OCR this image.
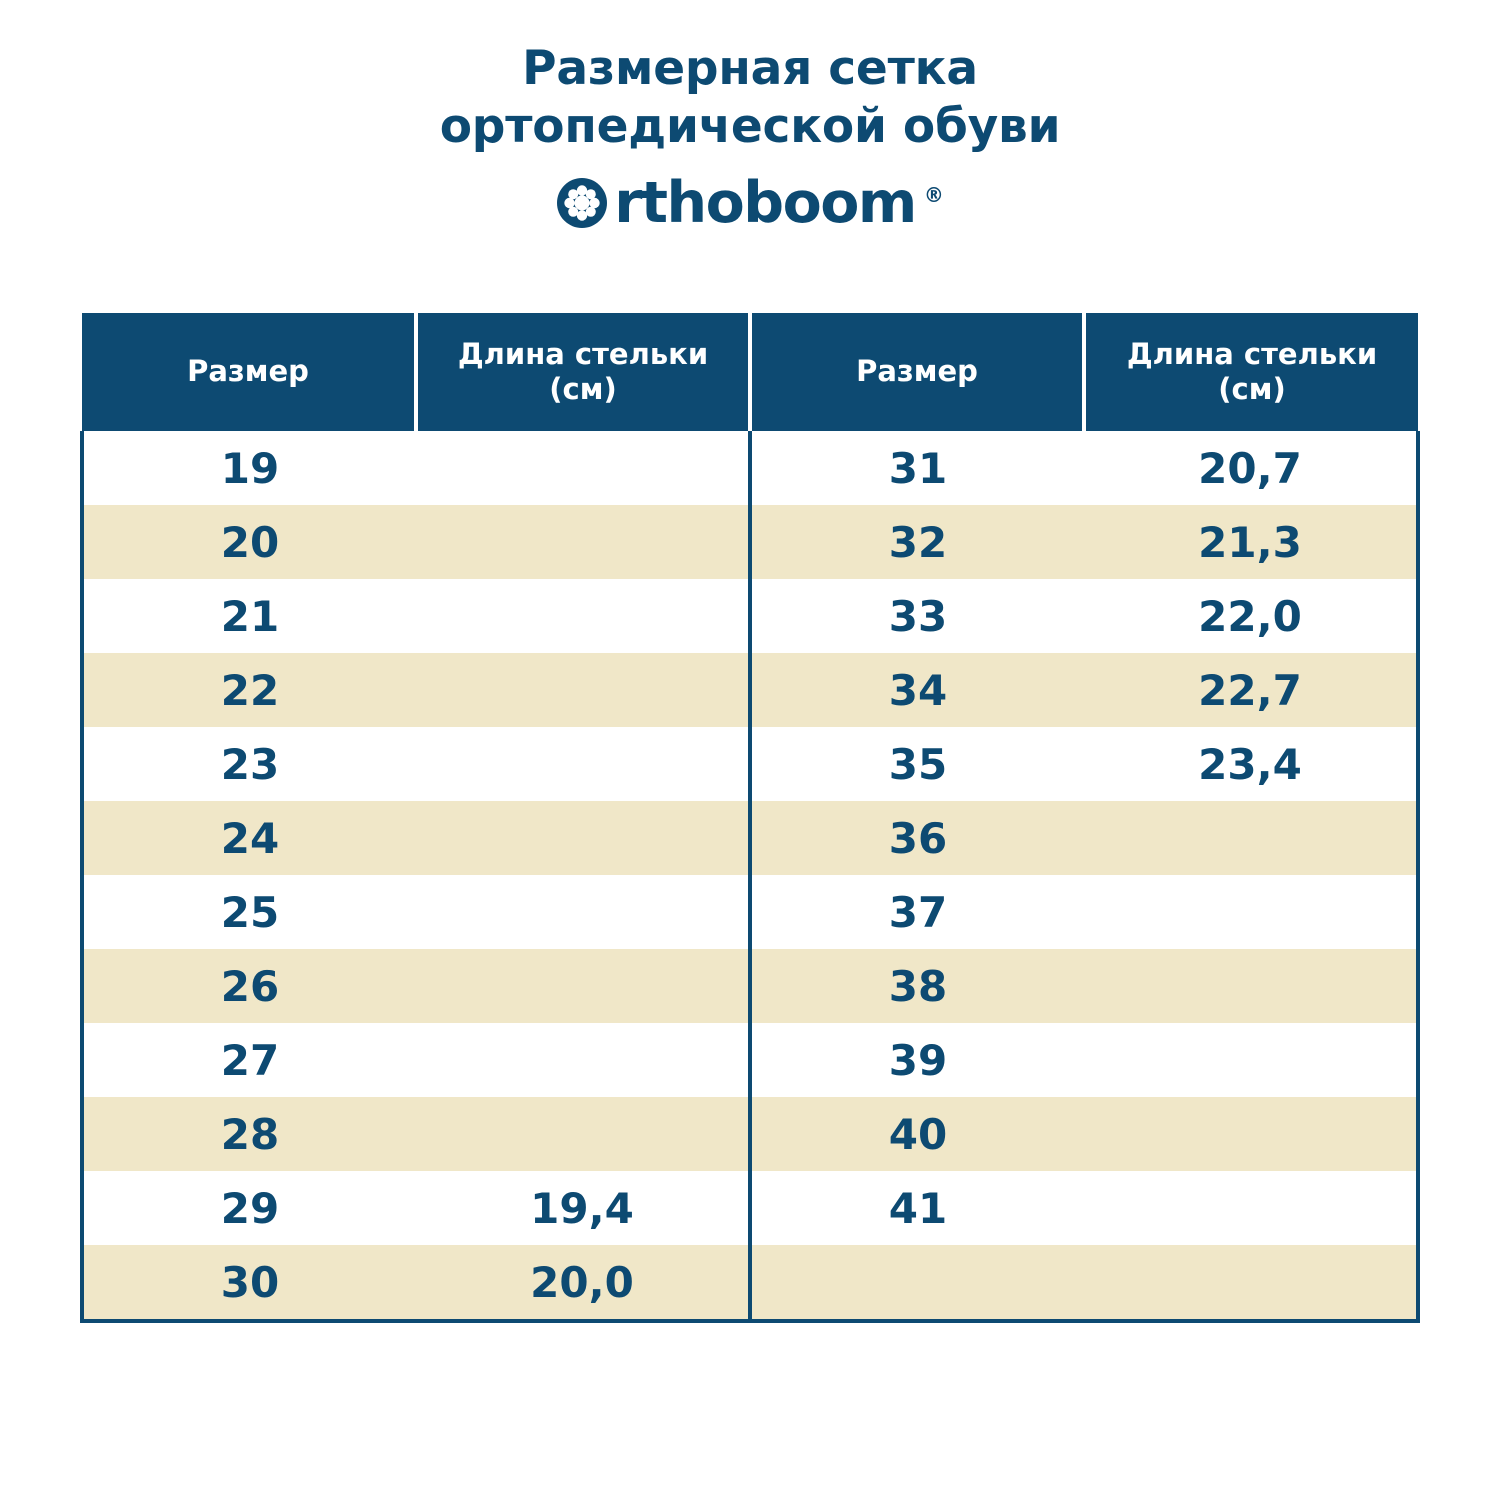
Размерная сетка
ортопедической обуви
rthoboom ®
Размер	Длина стельки (см)	Размер	Длина стельки (см)
19		31	20,7
20		32	21,3
21		33	22,0
22		34	22,7
23		35	23,4
24		36	
25		37	
26		38	
27		39	
28		40	
29	19,4	41	
30	20,0		
